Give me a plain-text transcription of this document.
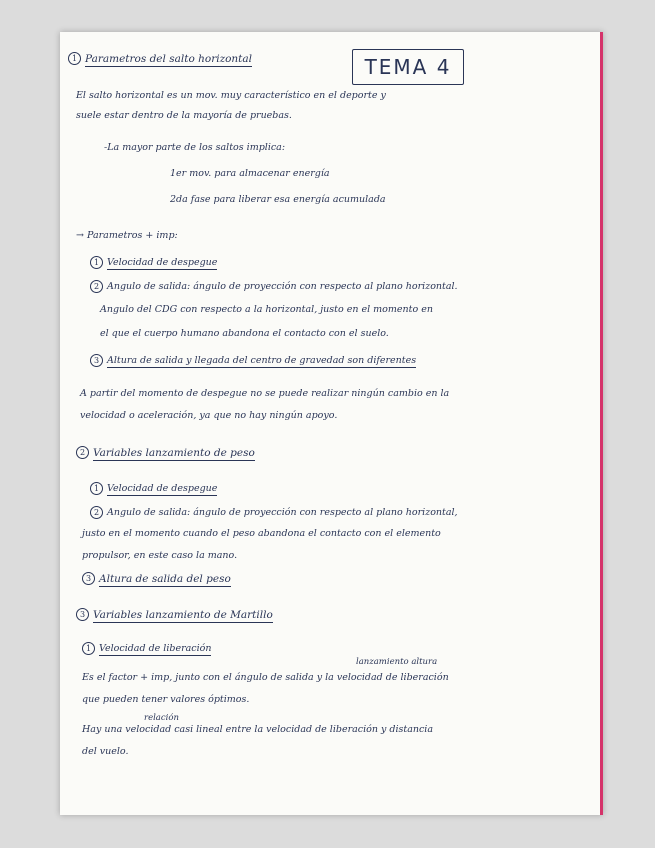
1 Parametros del salto horizontal	TEMA 4
El salto horizontal es un mov. muy característico en el deporte y
suele estar dentro de la mayoría de pruebas.
-La mayor parte de los saltos implica:
1er mov. para almacenar energía
2da fase para liberar esa energía acumulada
→ Parametros + imp:
1 Velocidad de despegue
2 Angulo de salida: ángulo de proyección con respecto al plano horizontal.
Angulo del CDG con respecto a la horizontal, justo en el momento en
el que el cuerpo humano abandona el contacto con el suelo.
3 Altura de salida y llegada del centro de gravedad son diferentes
A partir del momento de despegue no se puede realizar ningún cambio en la
velocidad o aceleración, ya que no hay ningún apoyo.
2 Variables lanzamiento de peso
1 Velocidad de despegue
2 Angulo de salida: ángulo de proyección con respecto al plano horizontal,
justo en el momento cuando el peso abandona el contacto con el elemento
propulsor, en este caso la mano.
3 Altura de salida del peso
3 Variables lanzamiento de Martillo
1 Velocidad de liberación
lanzamiento altura
Es el factor + imp, junto con el ángulo de salida y la velocidad de liberación
que pueden tener valores óptimos.
relación
Hay una velocidad casi lineal entre la velocidad de liberación y distancia
del vuelo.
